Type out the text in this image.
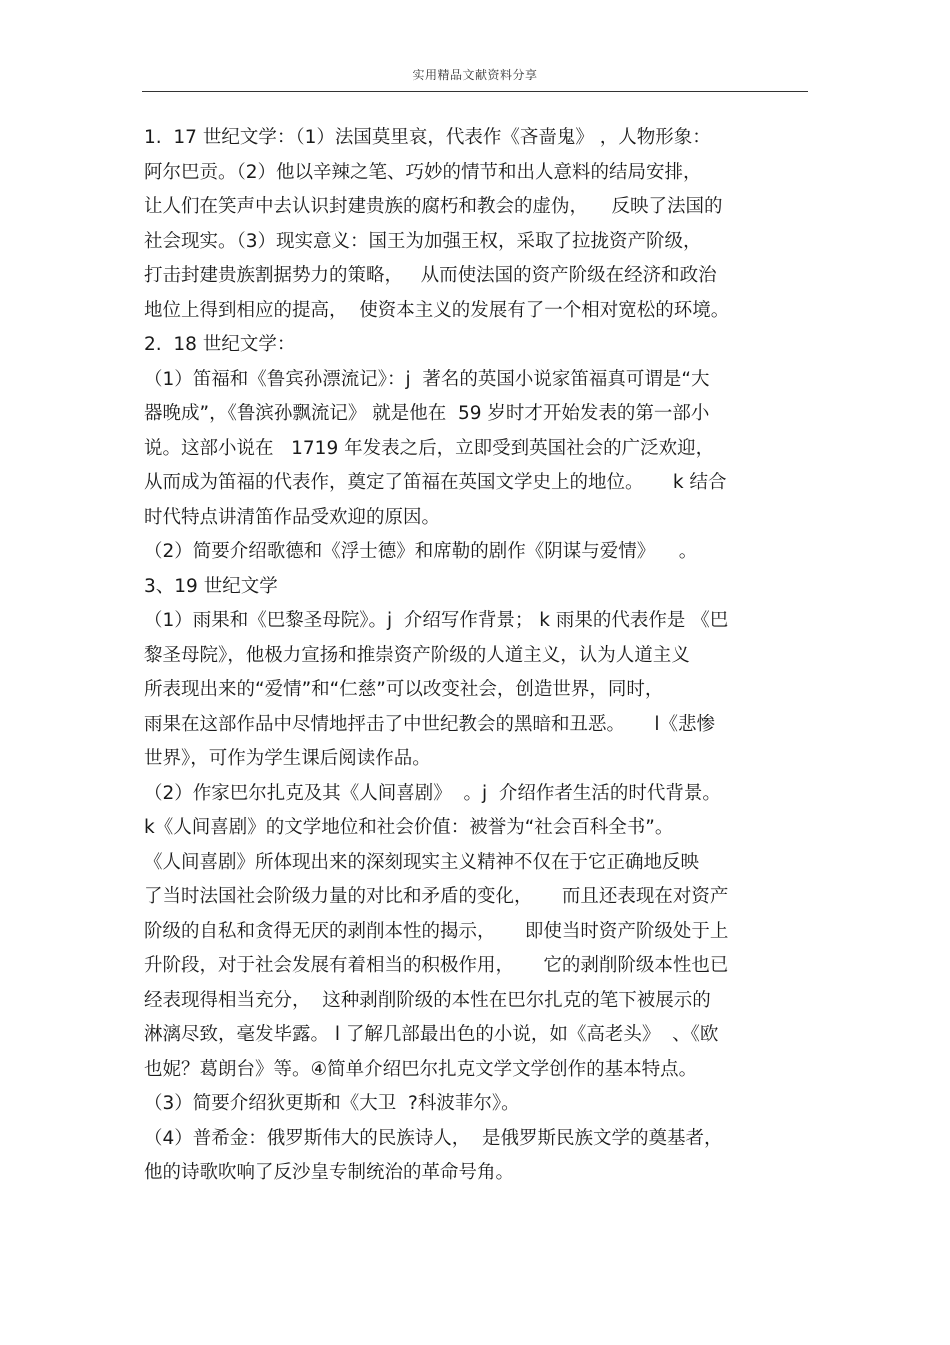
实用精品文献资料分享
1.  17 世纪文学：（1）法国莫里哀，代表作《吝啬鬼》 ，人物形象：
阿尔巴贡。（2）他以辛辣之笔、巧妙的情节和出人意料的结局安排，
让人们在笑声中去认识封建贵族的腐朽和教会的虚伪，    反映了法国的
社会现实。（3）现实意义：国王为加强王权，采取了拉拢资产阶级，
打击封建贵族割据势力的策略，   从而使法国的资产阶级在经济和政治
地位上得到相应的提高，  使资本主义的发展有了一个相对宽松的环境。
2.  18 世纪文学：
（1）笛福和《鲁宾孙漂流记》：j  著名的英国小说家笛福真可谓是“大
器晚成”，《鲁滨孙飘流记》 就是他在  59 岁时才开始发表的第一部小
说。这部小说在   1719 年发表之后，立即受到英国社会的广泛欢迎，
从而成为笛福的代表作，奠定了笛福在英国文学史上的地位。     k 结合
时代特点讲清笛作品受欢迎的原因。
（2）简要介绍歌德和《浮士德》和席勒的剧作《阴谋与爱情》    。
3、19 世纪文学
（1）雨果和《巴黎圣母院》。j  介绍写作背景； k 雨果的代表作是 《巴
黎圣母院》，他极力宣扬和推崇资产阶级的人道主义，认为人道主义
所表现出来的“爱情”和“仁慈”可以改变社会，创造世界，同时，
雨果在这部作品中尽情地抨击了中世纪教会的黑暗和丑恶。     l《悲惨
世界》，可作为学生课后阅读作品。
（2）作家巴尔扎克及其《人间喜剧》  。j  介绍作者生活的时代背景。
k《人间喜剧》的文学地位和社会价值：被誉为“社会百科全书”。
《人间喜剧》所体现出来的深刻现实主义精神不仅在于它正确地反映
了当时法国社会阶级力量的对比和矛盾的变化，     而且还表现在对资产
阶级的自私和贪得无厌的剥削本性的揭示，     即使当时资产阶级处于上
升阶段，对于社会发展有着相当的积极作用，     它的剥削阶级本性也已
经表现得相当充分，  这种剥削阶级的本性在巴尔扎克的笔下被展示的
淋漓尽致，毫发毕露。 l 了解几部最出色的小说，如《高老头》  、《欧
也妮？葛朗台》等。④简单介绍巴尔扎克文学文学创作的基本特点。
（3）简要介绍狄更斯和《大卫  ?科波菲尔》。
（4）普希金：俄罗斯伟大的民族诗人，  是俄罗斯民族文学的奠基者，
他的诗歌吹响了反沙皇专制统治的革命号角。
